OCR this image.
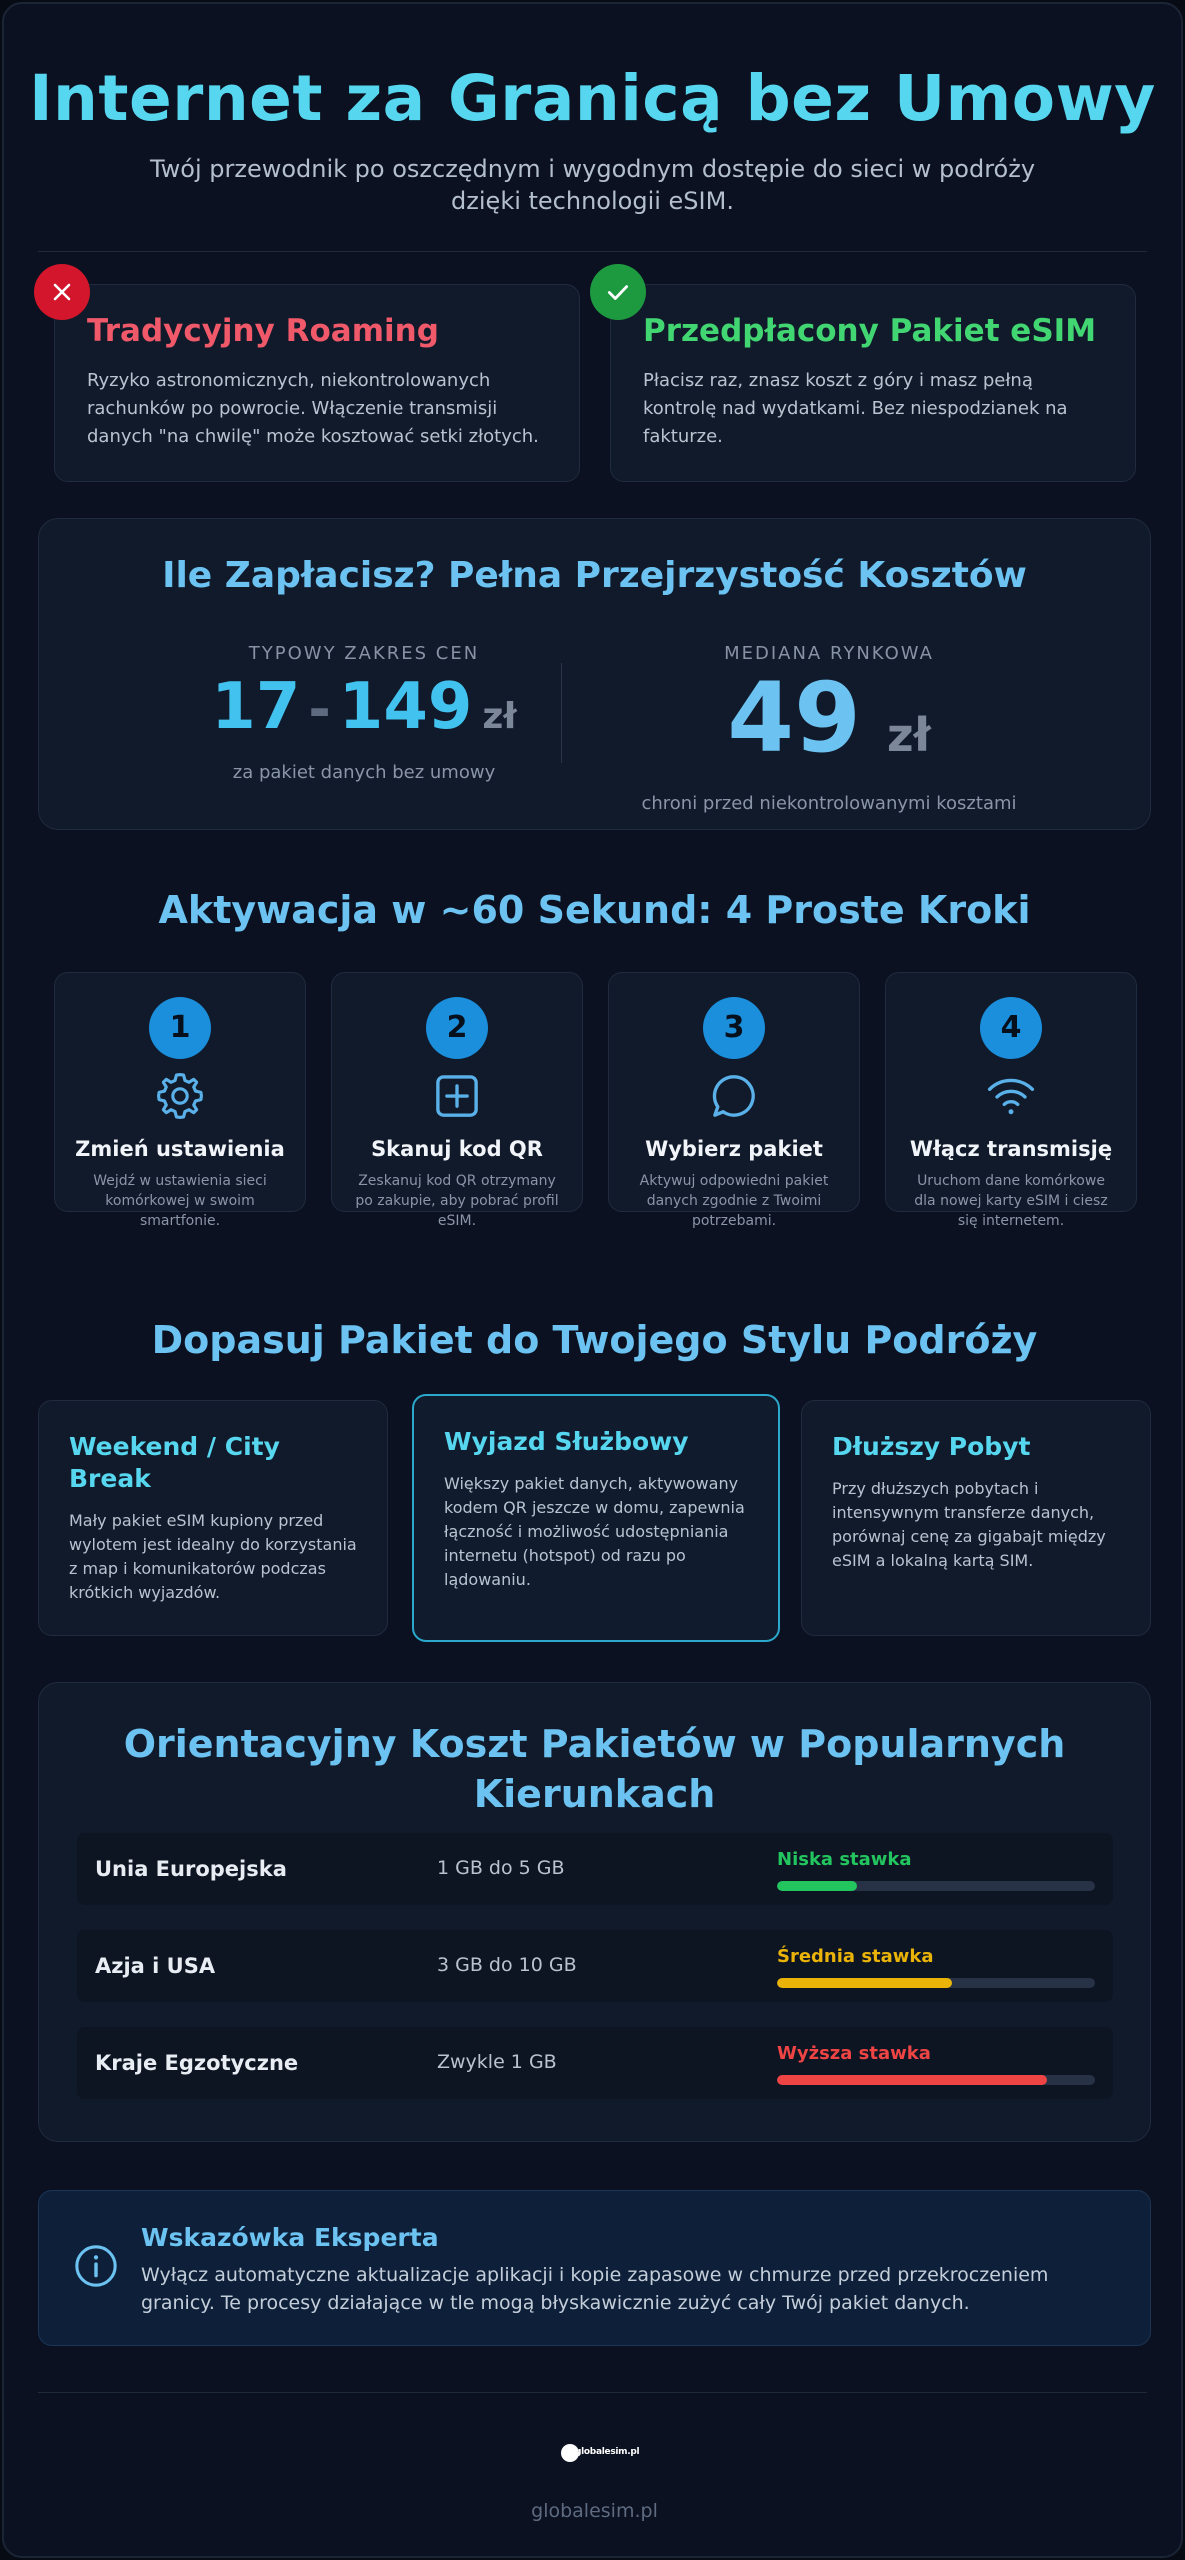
Internet za Granicą bez Umowy

Twój przewodnik po oszczędnym i wygodnym dostępie do sieci w podróży dzięki technologii eSIM.

Tradycyjny Roaming

Ryzyko astronomicznych, niekontrolowanych rachunków po powrocie. Włączenie transmisji danych "na chwilę" może kosztować setki złotych.

Przedpłacony Pakiet eSIM

Płacisz raz, znasz koszt z góry i masz pełną kontrolę nad wydatkami. Bez niespodzianek na fakturze.

Ile Zapłacisz? Pełna Przejrzystość Kosztów
TYPOWY ZAKRES CEN
17 - 149 zł
za pakiet danych bez umowy
MEDIANA RYNKOWA
49 zł
chroni przed niekontrolowanymi kosztami
Aktywacja w ~60 Sekund: 4 Proste Kroki
1
Zmień ustawienia
Wejdź w ustawienia sieci komórkowej w swoim smartfonie.
2
Skanuj kod QR
Zeskanuj kod QR otrzymany po zakupie, aby pobrać profil eSIM.
3
Wybierz pakiet
Aktywuj odpowiedni pakiet danych zgodnie z Twoimi potrzebami.
4
Włącz transmisję
Uruchom dane komórkowe dla nowej karty eSIM i ciesz się internetem.
Dopasuj Pakiet do Twojego Stylu Podróży
Weekend / City Break

Mały pakiet eSIM kupiony przed wylotem jest idealny do korzystania z map i komunikatorów podczas krótkich wyjazdów.

Wyjazd Służbowy

Większy pakiet danych, aktywowany kodem QR jeszcze w domu, zapewnia łączność i możliwość udostępniania internetu (hotspot) od razu po lądowaniu.

Dłuższy Pobyt

Przy dłuższych pobytach i intensywnym transferze danych, porównaj cenę za gigabajt między eSIM a lokalną kartą SIM.

Orientacyjny Koszt Pakietów w Popularnych Kierunkach
Unia Europejska	1 GB do 5 GB	Niska stawka
Azja i USA	3 GB do 10 GB	Średnia stawka
Kraje Egzotyczne	Zwykle 1 GB	Wyższa stawka
Wskazówka Eksperta

Wyłącz automatyczne aktualizacje aplikacji i kopie zapasowe w chmurze przed przekroczeniem granicy. Te procesy działające w tle mogą błyskawicznie zużyć cały Twój pakiet danych.

globalesim.pl
globalesim.pl
